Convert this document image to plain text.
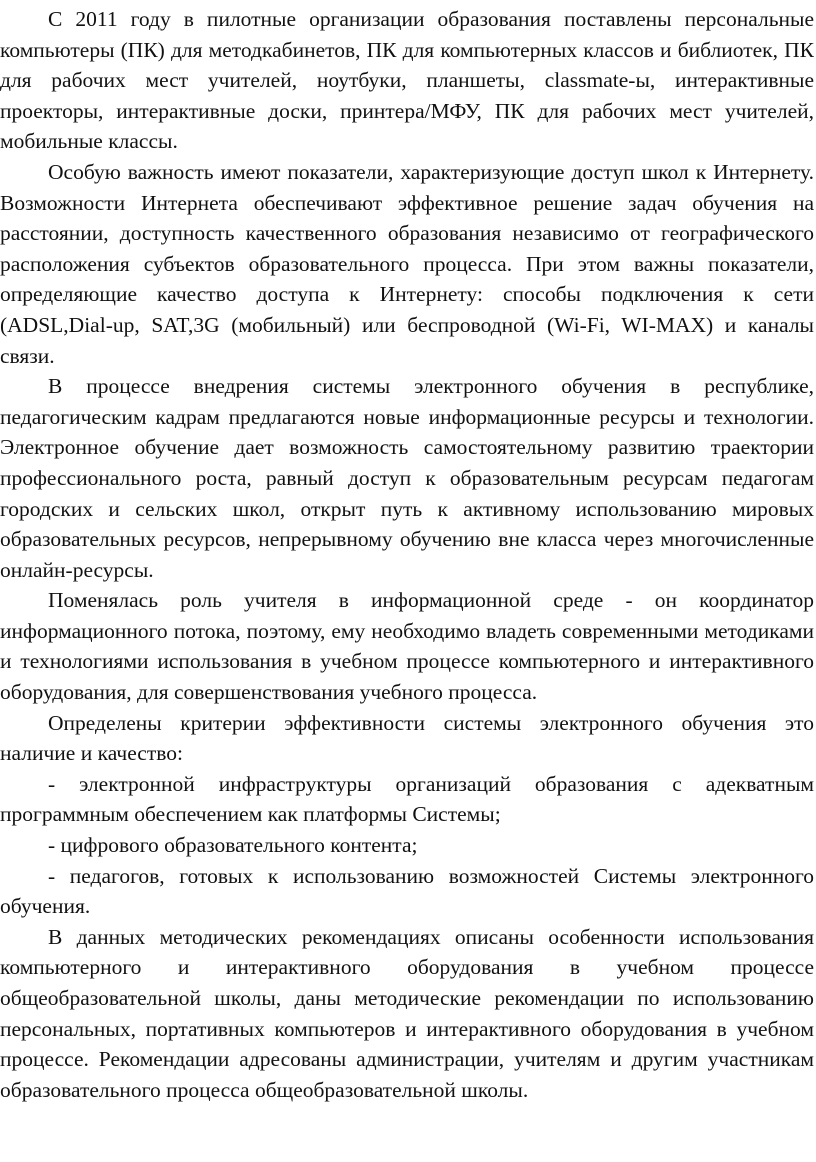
С 2011 году в пилотные организации образования поставлены персональные компьютеры (ПК) для методкабинетов, ПК для компьютерных классов и библиотек, ПК для рабочих мест учителей, ноутбуки, планшеты, classmate-ы, интерактивные проекторы, интерактивные доски, принтера/МФУ, ПК для рабочих мест учителей, мобильные классы.

Особую важность имеют показатели, характеризующие доступ школ к Интернету. Возможности Интернета обеспечивают эффективное решение задач обучения на расстоянии, доступность качественного образования независимо от географического расположения субъектов образовательного процесса. При этом важны показатели, определяющие качество доступа к Интернету: способы подключения к сети (ADSL,Dial-up, SAT,3G (мобильный) или беспроводной (Wi-Fi, WI-MAX) и каналы связи.

В процессе внедрения системы электронного обучения в республике, педагогическим кадрам предлагаются новые информационные ресурсы и технологии. Электронное обучение дает возможность самостоятельному развитию траектории профессионального роста, равный доступ к образовательным ресурсам педагогам городских и сельских школ, открыт путь к активному использованию мировых образовательных ресурсов, непрерывному обучению вне класса через многочисленные онлайн-ресурсы.

Поменялась роль учителя в информационной среде - он координатор информационного потока, поэтому, ему необходимо владеть современными методиками и технологиями использования в учебном процессе компьютерного и интерактивного оборудования, для совершенствования учебного процесса.

Определены критерии эффективности системы электронного обучения это наличие и качество:

- электронной инфраструктуры организаций образования с адекватным программным обеспечением как платформы Системы;

- цифрового образовательного контента;

- педагогов, готовых к использованию возможностей Системы электронного обучения.

В данных методических рекомендациях описаны особенности использования компьютерного и интерактивного оборудования в учебном процессе общеобразовательной школы, даны методические рекомендации по использованию персональных, портативных компьютеров и интерактивного оборудования в учебном процессе. Рекомендации адресованы администрации, учителям и другим участникам образовательного процесса общеобразовательной школы.
